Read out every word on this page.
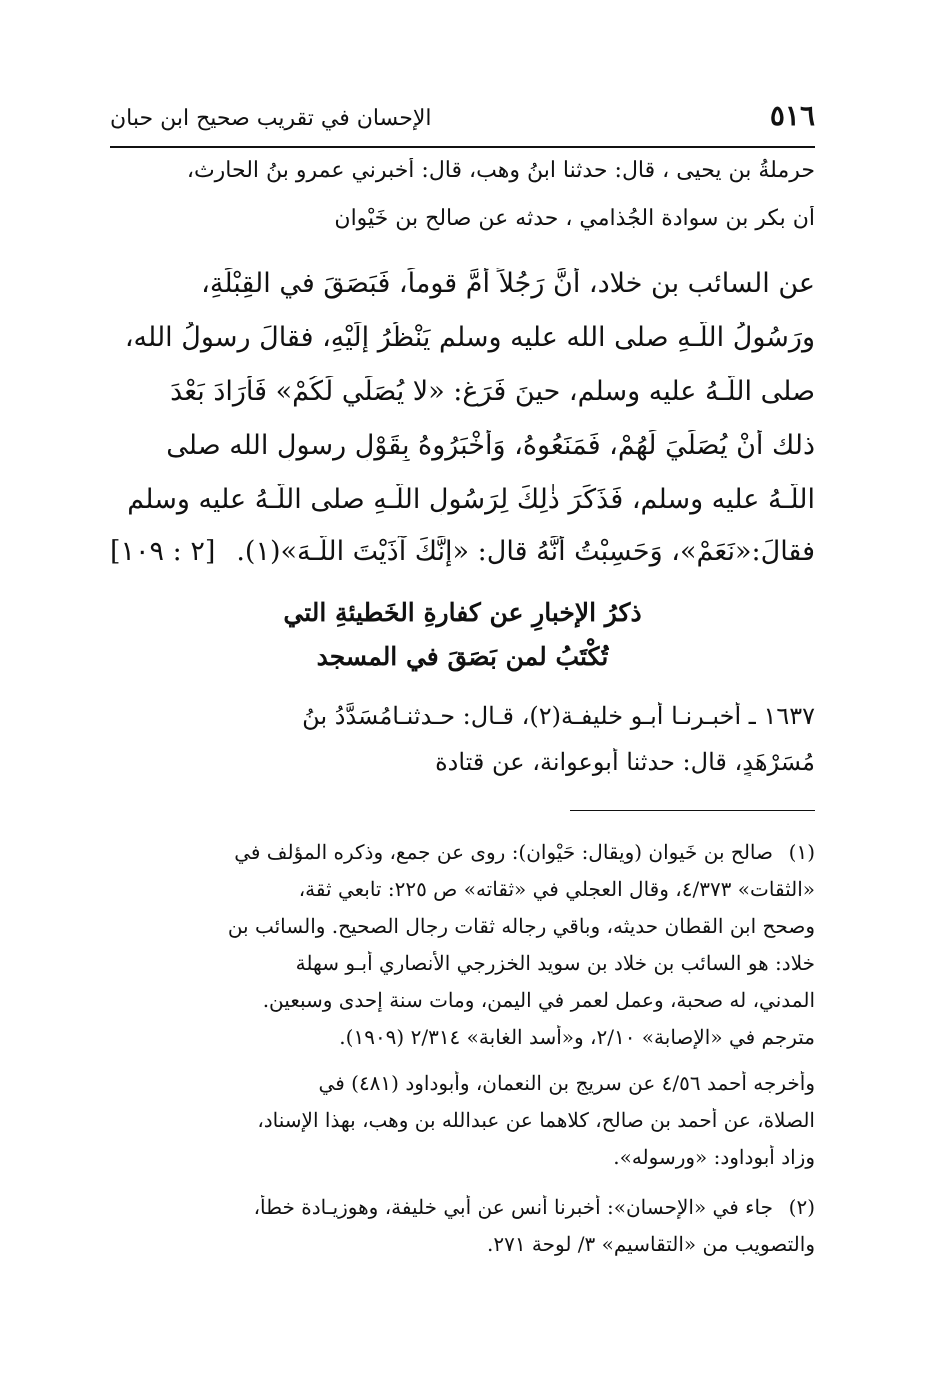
٥١٦
الإحسان في تقريب صحيح ابن حبان
حرملةُ بن يحيى ، قال: حدثنا ابنُ وهب، قال: أخبرني عمرو بنُ الحارث،
أن بكر بن سوادة الجُذامي ، حدثه عن صالح بن خَيْوان
عن السائب بن خلاد، أَنَّ رَجُلاً أَمَّ قوماً، فَبَصَقَ في القِبْلَةِ،
ورَسُولُ اللّـهِ صلى الله عليه وسلم يَنْظُرُ إلَيْهِ، فقالَ رسولُ الله،
صلى اللّـهُ عليه وسلم، حينَ فَرَغ: «لا يُصَلِّي لَكُمْ» فَأَرَادَ بَعْدَ
ذلك أَنْ يُصَلِّيَ لَهُمْ، فَمَنَعُوهُ، وَأَخْبَرُوهُ بِقَوْلِ رسولِ الله صلى
اللّـهُ عليه وسلم، فَذَكَرَ ذٰلِكَ لِرَسُولِ اللّـهِ صلى اللّـهُ عليه وسلم
فقالَ:«نَعَمْ»، وَحَسِبْتُ أَنَّهُ قال: «إِنَّكَ آذَيْتَ اللّـهَ»(١).
[٢ : ١٠٩]
ذكرُ الإخبارِ عن كفارةِ الخَطيئةِ التي
تُكْتَبُ لمن بَصَقَ في المسجد
١٦٣٧ ـ أخبـرنـا أبـو خليفـة(٢)، قـال: حـدثنـامُسَدَّدُ بنُ
مُسَرْهَدٍ، قال: حدثنا أبوعوانة، عن قتادة
(١)
صالح بن خَيوان (ويقال: حَيْوان): روى عن جمع، وذكره المؤلف في
«الثقات» ٤/٣٧٣، وقال العجلي في «ثقاته» ص ٢٢٥: تابعي ثقة،
وصحح ابن القطان حديثه، وباقي رجاله ثقات رجال الصحيح. والسائب بن
خلاد: هو السائب بن خلاد بن سويد الخزرجي الأنصاري أبـو سهلة
المدني، له صحبة، وعمل لعمر في اليمن، ومات سنة إحدى وسبعين.
مترجم في «الإصابة» ٢/١٠، و«أسد الغابة» ٢/٣١٤ (١٩٠٩).
وأخرجه أحمد ٤/٥٦ عن سريج بن النعمان، وأبوداود (٤٨١) في
الصلاة، عن أحمد بن صالح، كلاهما عن عبدالله بن وهب، بهذا الإسناد،
وزاد أبوداود: «ورسوله».
(٢)
جاء في «الإحسان»: أخبرنا أنس عن أبي خليفة، وهوزيـادة خطأ،
والتصويب من «التقاسيم» ٣/ لوحة ٢٧١.
